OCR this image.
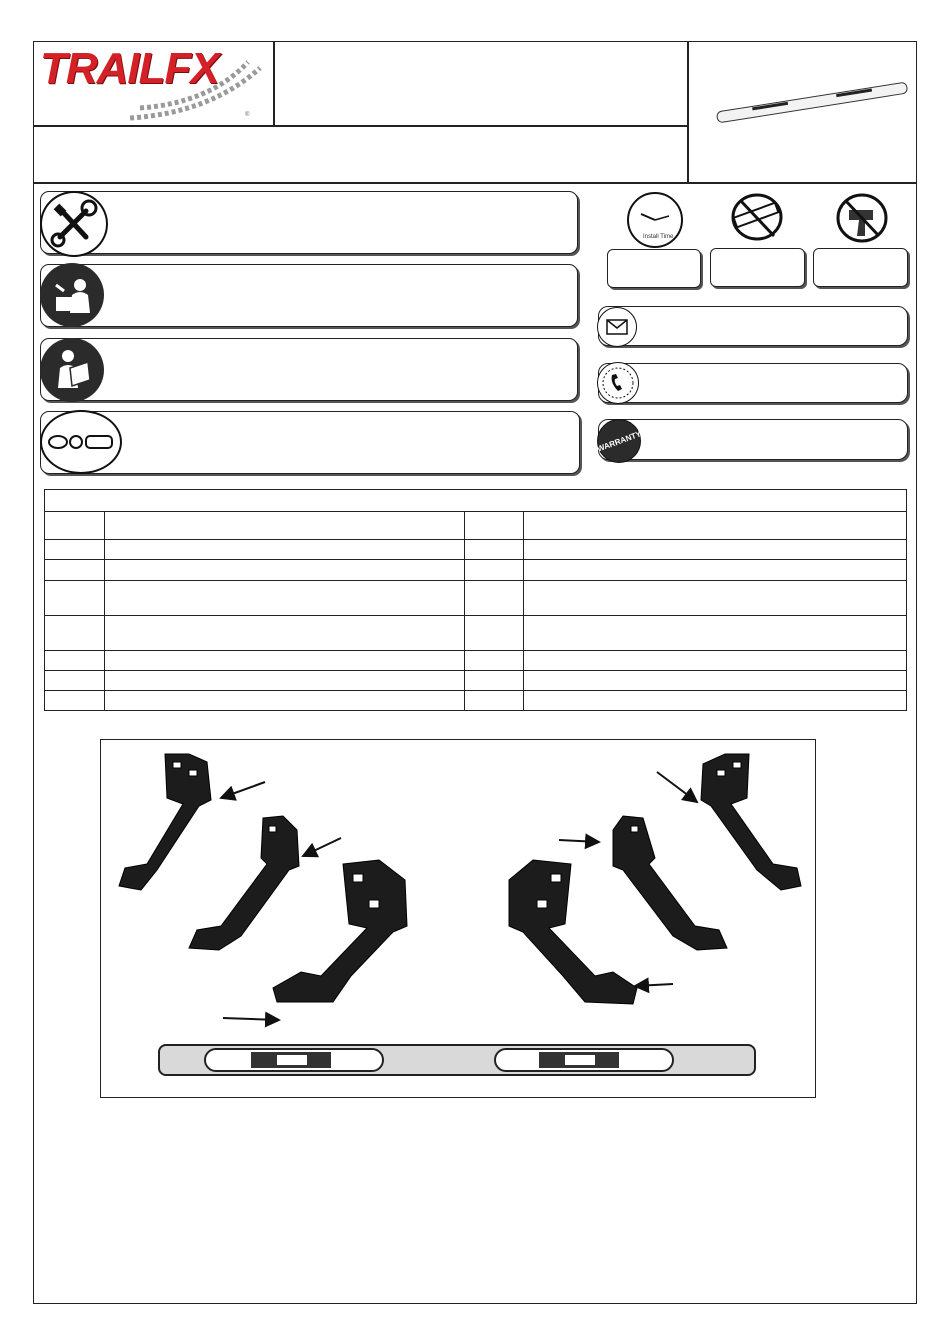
®
TRAILFX
Install Time
WARRANTY
